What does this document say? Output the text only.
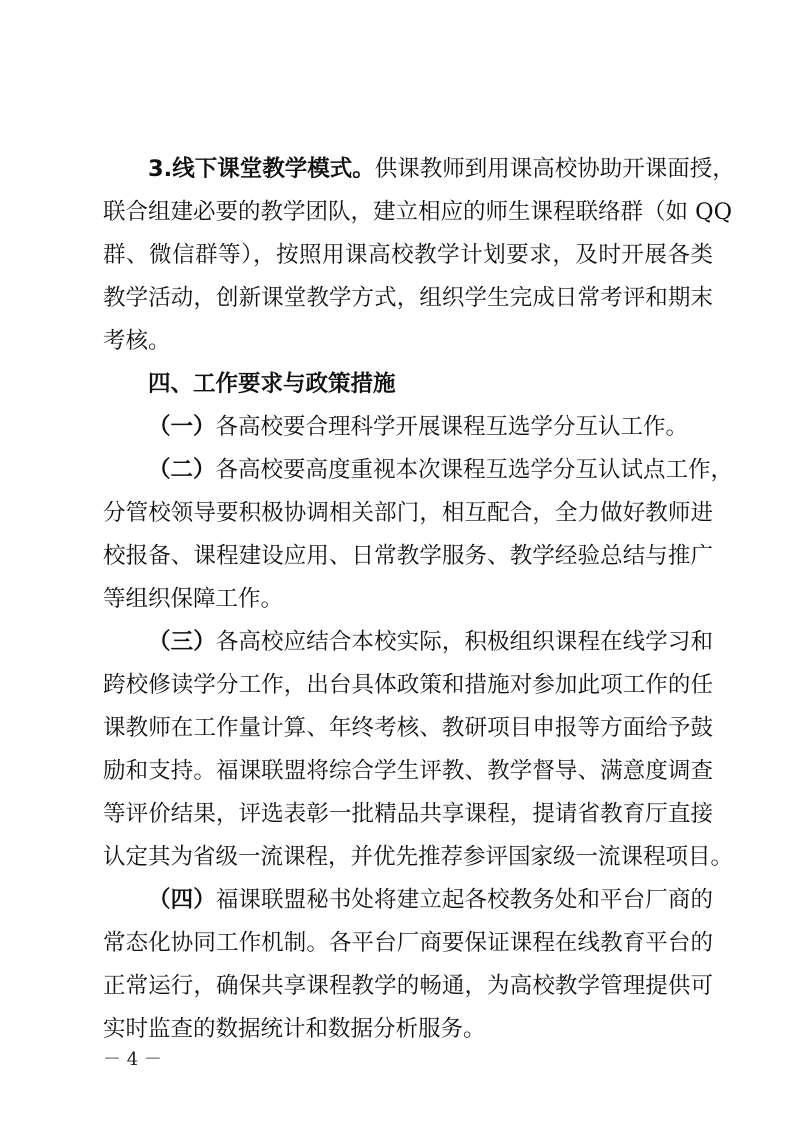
3.线下课堂教学模式。供课教师到用课高校协助开课面授，
联合组建必要的教学团队，建立相应的师生课程联络群（如 QQ
群、微信群等），按照用课高校教学计划要求，及时开展各类
教学活动，创新课堂教学方式，组织学生完成日常考评和期末
考核。
四、工作要求与政策措施
（一）各高校要合理科学开展课程互选学分互认工作。
（二）各高校要高度重视本次课程互选学分互认试点工作，
分管校领导要积极协调相关部门，相互配合，全力做好教师进
校报备、课程建设应用、日常教学服务、教学经验总结与推广
等组织保障工作。
（三）各高校应结合本校实际，积极组织课程在线学习和
跨校修读学分工作，出台具体政策和措施对参加此项工作的任
课教师在工作量计算、年终考核、教研项目申报等方面给予鼓
励和支持。福课联盟将综合学生评教、教学督导、满意度调查
等评价结果，评选表彰一批精品共享课程，提请省教育厅直接
认定其为省级一流课程，并优先推荐参评国家级一流课程项目。
（四）福课联盟秘书处将建立起各校教务处和平台厂商的
常态化协同工作机制。各平台厂商要保证课程在线教育平台的
正常运行，确保共享课程教学的畅通，为高校教学管理提供可
实时监查的数据统计和数据分析服务。
－ 4 －
